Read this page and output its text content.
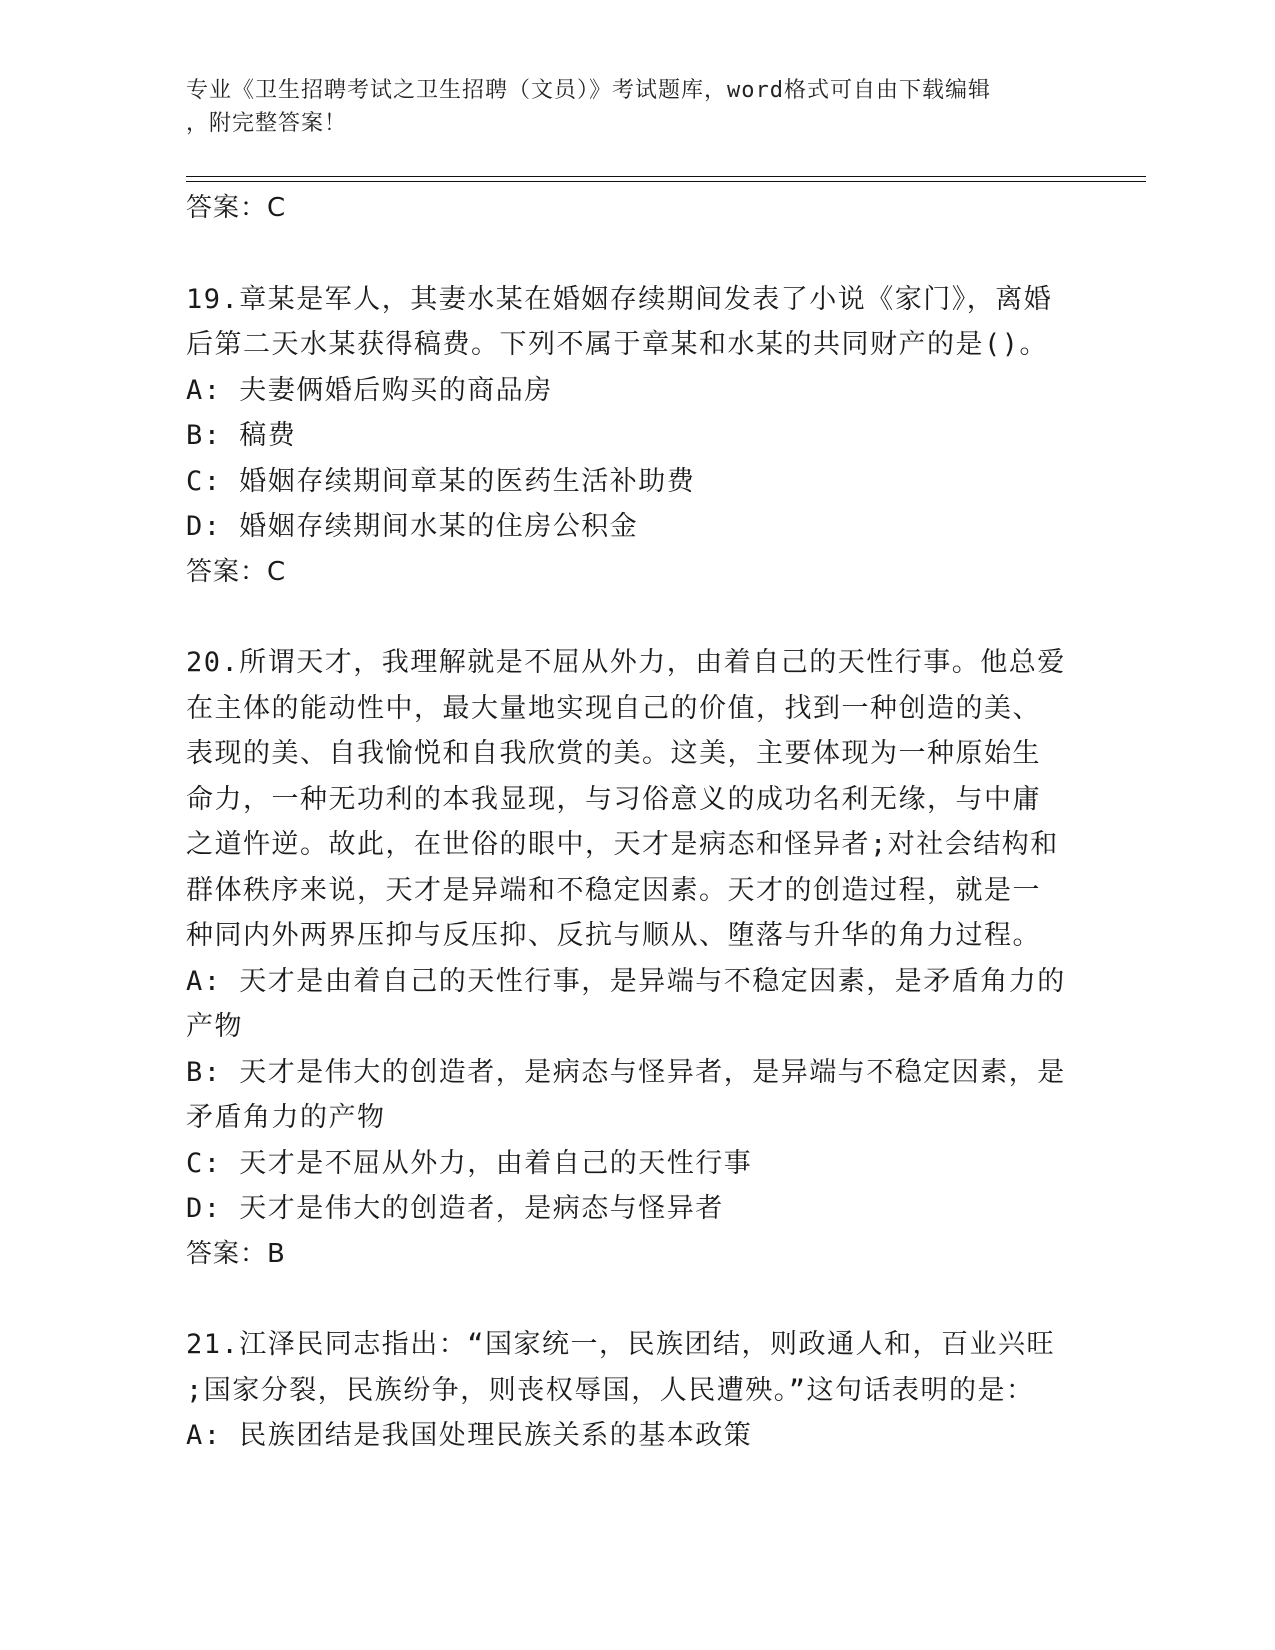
专业《卫生招聘考试之卫生招聘（文员）》考试题库，word格式可自由下载编辑
，附完整答案！

答案：C

19.章某是军人，其妻水某在婚姻存续期间发表了小说《家门》，离婚

后第二天水某获得稿费。下列不属于章某和水某的共同财产的是()。

A: 夫妻俩婚后购买的商品房

B: 稿费

C: 婚姻存续期间章某的医药生活补助费

D: 婚姻存续期间水某的住房公积金

答案：C

20.所谓天才，我理解就是不屈从外力，由着自己的天性行事。他总爱

在主体的能动性中，最大量地实现自己的价值，找到一种创造的美、

表现的美、自我愉悦和自我欣赏的美。这美，主要体现为一种原始生

命力，一种无功利的本我显现，与习俗意义的成功名利无缘，与中庸

之道忤逆。故此，在世俗的眼中，天才是病态和怪异者;对社会结构和

群体秩序来说，天才是异端和不稳定因素。天才的创造过程，就是一

种同内外两界压抑与反压抑、反抗与顺从、堕落与升华的角力过程。

A: 天才是由着自己的天性行事，是异端与不稳定因素，是矛盾角力的

产物

B: 天才是伟大的创造者，是病态与怪异者，是异端与不稳定因素，是

矛盾角力的产物

C: 天才是不屈从外力，由着自己的天性行事

D: 天才是伟大的创造者，是病态与怪异者

答案：B

21.江泽民同志指出：“国家统一，民族团结，则政通人和，百业兴旺

;国家分裂，民族纷争，则丧权辱国，人民遭殃。”这句话表明的是：

A: 民族团结是我国处理民族关系的基本政策
